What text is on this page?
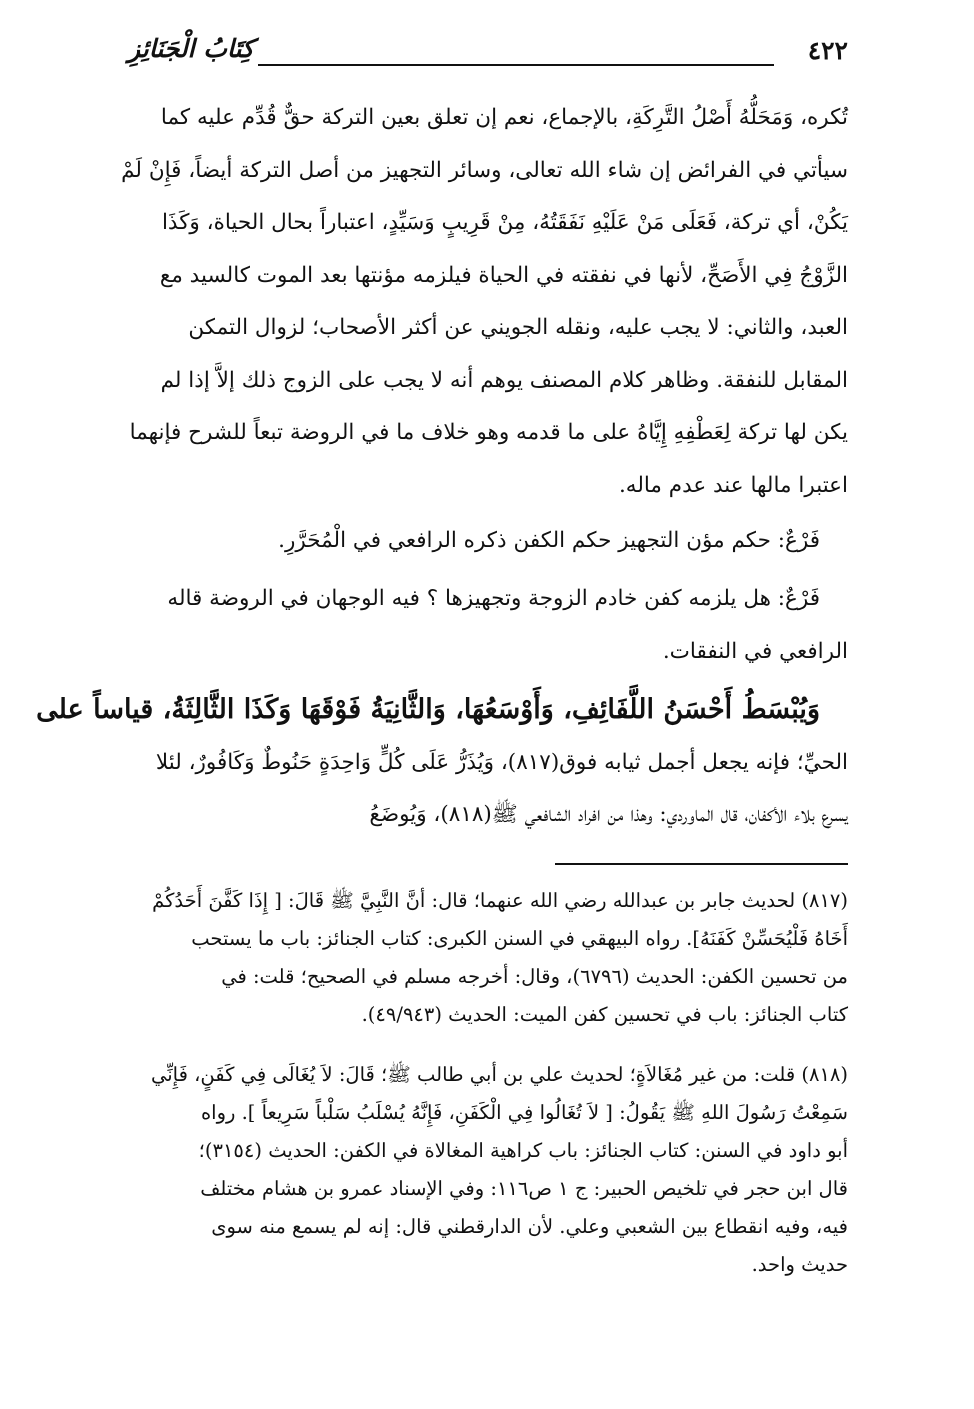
٤٢٢
كِتَابُ الْجَنَائِزِ
تُكره، وَمَحَلُّهُ أَصْلُ التَّرِكَةِ، بالإجماع، نعم إن تعلق بعين التركة حقٌّ قُدِّم عليه كما
سيأتي في الفرائض إن شاء الله تعالى، وسائر التجهيز من أصل التركة أيضاً، فَإِنْ لَمْ
يَكُنْ، أي تركة، فَعَلَى مَنْ عَلَيْهِ نَفَقَتُهُ، مِنْ قَرِيبٍ وَسَيِّدٍ، اعتباراً بحال الحياة، وَكَذَا
الزَّوْجُ فِي الأَصَحِّ، لأنها في نفقته في الحياة فيلزمه مؤنتها بعد الموت كالسيد مع
العبد، والثاني: لا يجب عليه، ونقله الجويني عن أكثر الأصحاب؛ لزوال التمكن
المقابل للنفقة. وظاهر كلام المصنف يوهم أنه لا يجب على الزوج ذلك إلاَّ إذا لم
يكن لها تركة لِعَطْفِهِ إِيَّاهُ على ما قدمه وهو خلاف ما في الروضة تبعاً للشرح فإنهما
اعتبرا مالها عند عدم ماله.
فَرْعٌ: حكم مؤن التجهيز حكم الكفن ذكره الرافعي في الْمُحَرَّرِ.
فَرْعٌ: هل يلزمه كفن خادم الزوجة وتجهيزها ؟ فيه الوجهان في الروضة قاله
الرافعي في النفقات.
وَيُبْسَطُ أَحْسَنُ اللَّفَائِفِ، وَأَوْسَعُهَا، وَالثَّانِيَةُ فَوْقَهَا وَكَذَا الثَّالِثَةُ، قياساً على
الحيِّ؛ فإنه يجعل أجمل ثيابه فوق(٨١٧)، وَيُذَرُّ عَلَى كُلٍّ وَاحِدَةٍ حَنُوطٌ وَكَافُورٌ، لئلا
يسرع بلاء الأكفان، قال الماوردي: وهذا من افراد الشافعي ﷺ(٨١٨)، وَيُوضَعُ
(٨١٧) لحديث جابر بن عبدالله رضي الله عنهما؛ قال: أنَّ النَّبِيَّ ﷺ قَالَ: [ إِذَا كَفَّنَ أَحَدُكُمْ
أَخَاهُ فَلْيُحَسِّنْ كَفَنَهُ]. رواه البيهقي في السنن الكبرى: كتاب الجنائز: باب ما يستحب
من تحسين الكفن: الحديث (٦٧٩٦)، وقال: أخرجه مسلم في الصحيح؛ قلت: في
كتاب الجنائز: باب في تحسين كفن الميت: الحديث (٤٩/٩٤٣).
(٨١٨) قلت: من غير مُغَالاَةٍ؛ لحديث علي بن أبي طالب ﷺ؛ قَالَ: لاَ يُغَالَى فِي كَفَنٍ، فَإِنِّي
سَمِعْتُ رَسُولَ اللهِ ﷺ يَقُولُ: [ لاَ تُغَالُوا فِي الْكَفَنِ، فَإِنَّهُ يُسْلَبُ سَلْباً سَرِيعاً ]. رواه
أبو داود في السنن: كتاب الجنائز: باب كراهية المغالاة في الكفن: الحديث (٣١٥٤)؛
قال ابن حجر في تلخيص الحبير: ج ١ ص١١٦: وفي الإسناد عمرو بن هشام مختلف
فيه، وفيه انقطاع بين الشعبي وعلي. لأن الدارقطني قال: إنه لم يسمع منه سوى
حديث واحد.
